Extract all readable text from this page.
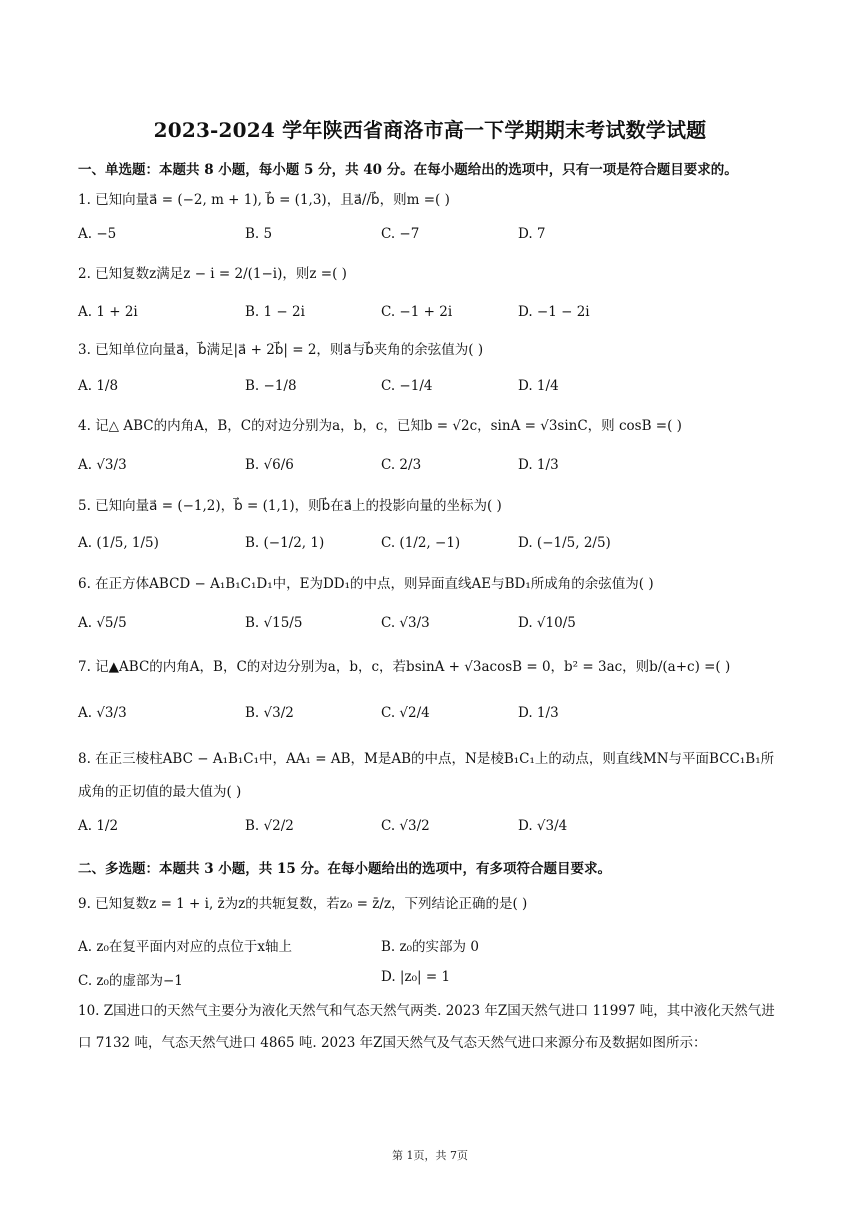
2023-2024 学年陕西省商洛市高一下学期期末考试数学试题
一、单选题：本题共 8 小题，每小题 5 分，共 40 分。在每小题给出的选项中，只有一项是符合题目要求的。
1. 已知向量a⃗ = (−2, m + 1), b⃗ = (1,3)，且a⃗//b⃗，则m =( )
A. −5	B. 5	C. −7	D. 7
2. 已知复数z满足z − i = 2/(1−i)，则z =( )
A. 1 + 2i	B. 1 − 2i	C. −1 + 2i	D. −1 − 2i
3. 已知单位向量a⃗，b⃗满足|a⃗ + 2b⃗| = 2，则a⃗与b⃗夹角的余弦值为( )
A. 1/8	B. −1/8	C. −1/4	D. 1/4
4. 记△ ABC的内角A，B，C的对边分别为a，b，c，已知b = √2c，sinA = √3sinC，则 cosB =( )
A. √3/3	B. √6/6	C. 2/3	D. 1/3
5. 已知向量a⃗ = (−1,2)，b⃗ = (1,1)，则b⃗在a⃗上的投影向量的坐标为( )
A. (1/5, 1/5)	B. (−1/2, 1)	C. (1/2, −1)	D. (−1/5, 2/5)
6. 在正方体ABCD − A₁B₁C₁D₁中，E为DD₁的中点，则异面直线AE与BD₁所成角的余弦值为( )
A. √5/5	B. √15/5	C. √3/3	D. √10/5
7. 记▲ABC的内角A，B，C的对边分别为a，b，c，若bsinA + √3acosB = 0，b² = 3ac，则b/(a+c) =( )
A. √3/3	B. √3/2	C. √2/4	D. 1/3
8. 在正三棱柱ABC − A₁B₁C₁中，AA₁ = AB，M是AB的中点，N是棱B₁C₁上的动点，则直线MN与平面BCC₁B₁所成角的正切值的最大值为( )
A. 1/2	B. √2/2	C. √3/2	D. √3/4
二、多选题：本题共 3 小题，共 15 分。在每小题给出的选项中，有多项符合题目要求。
9. 已知复数z = 1 + i, z̄为z的共轭复数，若z₀ = z̄/z，下列结论正确的是( )
A. z₀在复平面内对应的点位于x轴上	B. z₀的实部为 0
C. z₀的虚部为−1	D. |z₀| = 1
10. Z国进口的天然气主要分为液化天然气和气态天然气两类. 2023 年Z国天然气进口 11997 吨，其中液化天然气进口 7132 吨，气态天然气进口 4865 吨. 2023 年Z国天然气及气态天然气进口来源分布及数据如图所示：
第 1页，共 7页
